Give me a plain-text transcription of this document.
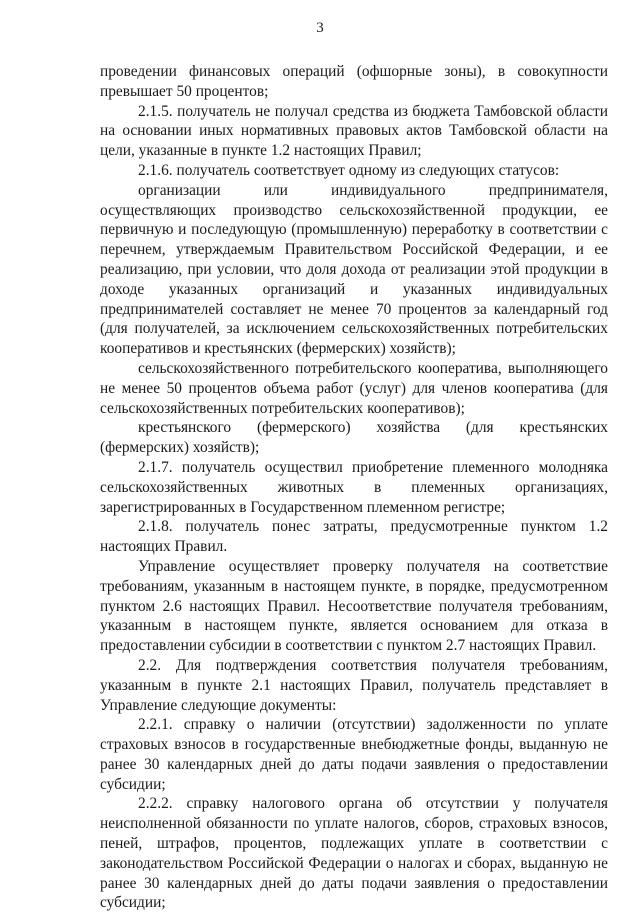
3

проведении финансовых операций (офшорные зоны), в совокупности превышает 50 процентов;

2.1.5. получатель не получал средства из бюджета Тамбовской области на основании иных нормативных правовых актов Тамбовской области на цели, указанные в пункте 1.2 настоящих Правил;

2.1.6. получатель соответствует одному из следующих статусов:

организации или индивидуального предпринимателя, осуществляющих производство сельскохозяйственной продукции, ее первичную и последующую (промышленную) переработку в соответствии с перечнем, утверждаемым Правительством Российской Федерации, и ее реализацию, при условии, что доля дохода от реализации этой продукции в доходе указанных организаций и указанных индивидуальных предпринимателей составляет не менее 70 процентов за календарный год (для получателей, за исключением сельскохозяйственных потребительских кооперативов и крестьянских (фермерских) хозяйств);

сельскохозяйственного потребительского кооператива, выполняющего не менее 50 процентов объема работ (услуг) для членов кооператива (для сельскохозяйственных потребительских кооперативов);

крестьянского (фермерского) хозяйства (для крестьянских (фермерских) хозяйств);

2.1.7. получатель осуществил приобретение племенного молодняка сельскохозяйственных животных в племенных организациях, зарегистрированных в Государственном племенном регистре;

2.1.8. получатель понес затраты, предусмотренные пунктом 1.2 настоящих Правил.

Управление осуществляет проверку получателя на соответствие требованиям, указанным в настоящем пункте, в порядке, предусмотренном пунктом 2.6 настоящих Правил. Несоответствие получателя требованиям, указанным в настоящем пункте, является основанием для отказа в предоставлении субсидии в соответствии с пунктом 2.7 настоящих Правил.

2.2. Для подтверждения соответствия получателя требованиям, указанным в пункте 2.1 настоящих Правил, получатель представляет в Управление следующие документы:

2.2.1. справку о наличии (отсутствии) задолженности по уплате страховых взносов в государственные внебюджетные фонды, выданную не ранее 30 календарных дней до даты подачи заявления о предоставлении субсидии;

2.2.2. справку налогового органа об отсутствии у получателя неисполненной обязанности по уплате налогов, сборов, страховых взносов, пеней, штрафов, процентов, подлежащих уплате в соответствии с законодательством Российской Федерации о налогах и сборах, выданную не ранее 30 календарных дней до даты подачи заявления о предоставлении субсидии;
